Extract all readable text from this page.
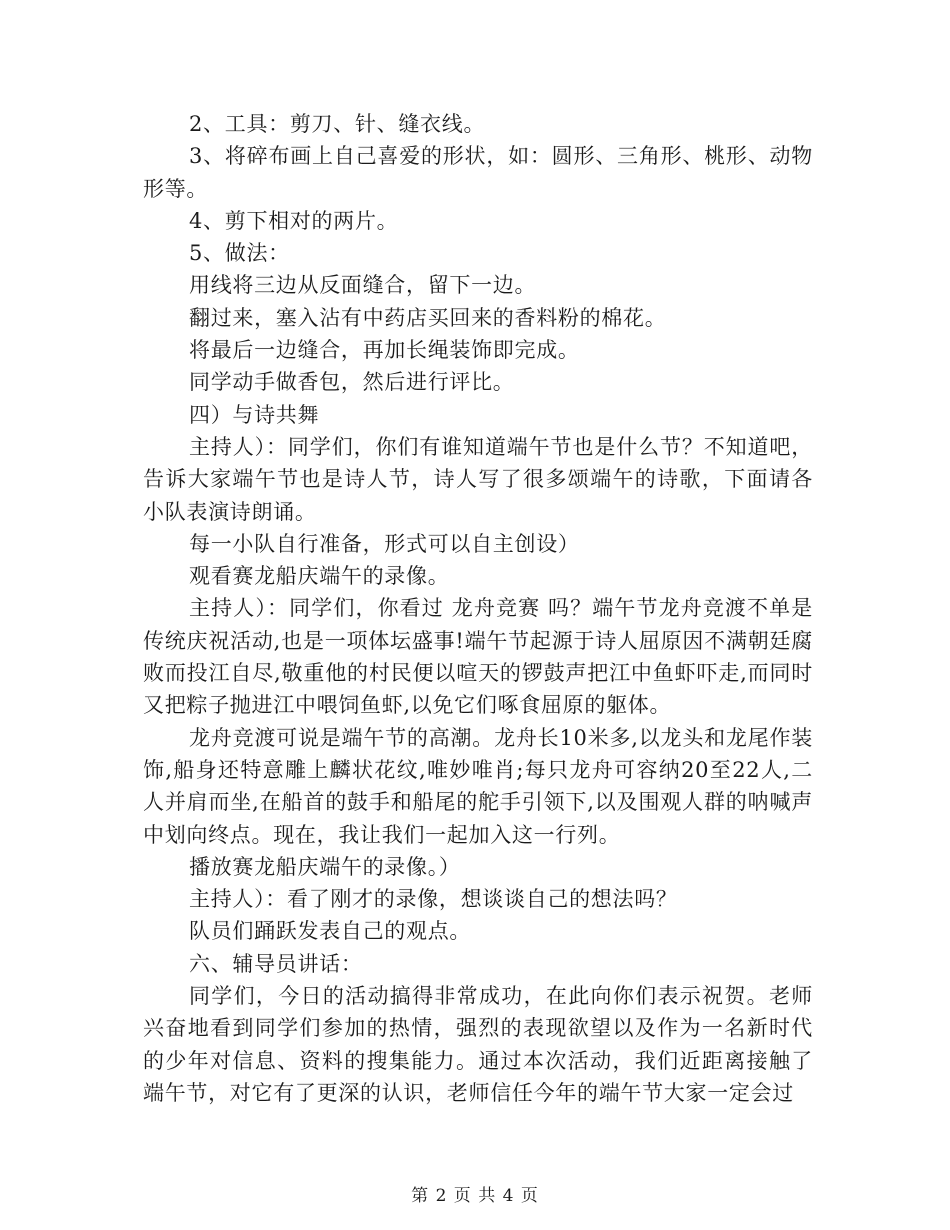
2、工具：剪刀、针、缝衣线。

3、将碎布画上自己喜爱的形状，如：圆形、三角形、桃形、动物形等。

4、剪下相对的两片。

5、做法：

用线将三边从反面缝合，留下一边。

翻过来，塞入沾有中药店买回来的香料粉的棉花。

将最后一边缝合，再加长绳装饰即完成。

同学动手做香包，然后进行评比。

四）与诗共舞

主持人）：同学们，你们有谁知道端午节也是什么节？不知道吧，告诉大家端午节也是诗人节，诗人写了很多颂端午的诗歌，下面请各小队表演诗朗诵。

每一小队自行准备，形式可以自主创设）

观看赛龙船庆端午的录像。

主持人）：同学们，你看过 龙舟竞赛 吗？端午节龙舟竞渡不单是传统庆祝活动,也是一项体坛盛事!端午节起源于诗人屈原因不满朝廷腐败而投江自尽,敬重他的村民便以喧天的锣鼓声把江中鱼虾吓走,而同时又把粽子抛进江中喂饲鱼虾,以免它们啄食屈原的躯体。

龙舟竞渡可说是端午节的高潮。龙舟长10米多,以龙头和龙尾作装饰,船身还特意雕上麟状花纹,唯妙唯肖;每只龙舟可容纳20至22人,二人并肩而坐,在船首的鼓手和船尾的舵手引领下,以及围观人群的呐喊声中划向终点。现在，我让我们一起加入这一行列。

播放赛龙船庆端午的录像。）

主持人）：看了刚才的录像，想谈谈自己的想法吗？

队员们踊跃发表自己的观点。

六、辅导员讲话：

同学们，今日的活动搞得非常成功，在此向你们表示祝贺。老师兴奋地看到同学们参加的热情，强烈的表现欲望以及作为一名新时代的少年对信息、资料的搜集能力。通过本次活动，我们近距离接触了端午节，对它有了更深的认识，老师信任今年的端午节大家一定会过

第 2 页 共 4 页
